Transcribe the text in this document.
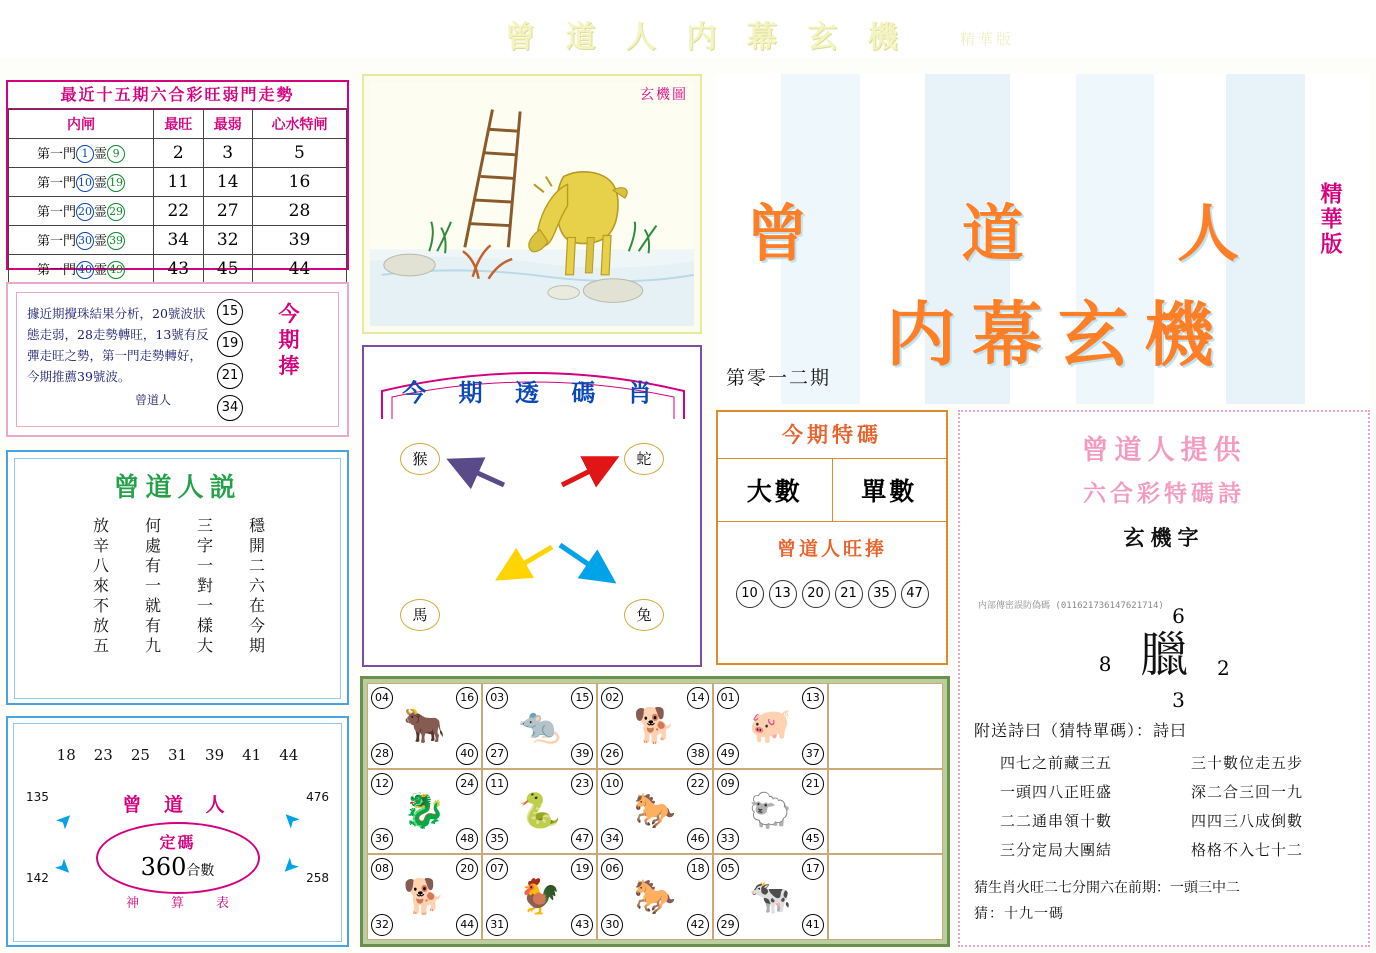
曾 道 人 内 幕 玄 機	精華版
最近十五期六合彩旺弱門走勢
内闸	最旺	最弱	心水特闸
第一門 1 霊 9	2	3	5
第一門 10 霊 19	11	14	16
第一門 20 霊 29	22	27	28
第一門 30 霊 39	34	32	39
第一門 40 霊 49	43	45	44
據近期攪珠結果分析，20號波狀態走弱，28走勢轉旺，13號有反彈走旺之勢，第一門走勢轉好，今期推薦39號波。
曾道人
15
19
21
34
今期捧
曾道人説
穩開二六在今期
三字一對一樣大
何處有一就有九
放辛八來不放五
18 23 25 31 39 41 44
135	476
142	258
曾 道 人
➤	➤
➤	➤
定碼
360合數
神 算 表
玄機圖
今 期 透 碼 肖
猴	蛇
馬	兔
今期特碼
大數	單數
曾道人旺捧
10	13	20	21	35	47
曾 道 人
内幕玄機
精華版
第零一二期
曾道人提供
六合彩特碼詩
玄機字
内部傳密誤防偽碼 (011621736147621714) 6
8 臘 2
3
附送詩曰（猜特單碼）：詩曰
四七之前藏三五	三十數位走五步
一頭四八正旺盛	深二合三回一九
二二通串領十數	四四三八成倒數
三分定局大團結	格格不入七十二
猜生肖火旺二七分開六在前期：一頭三中二
猜：十九一碼
04	16
28	40
🐂
03	15
27	39
🐀
02	14
26	38
🐕
01	13
49	37
🐖
12	24
36	48
🐉
11	23
35	47
🐍
10	22
34	46
🐎
09	21
33	45
🐑
08	20
32	44
🐕
07	19
31	43
🐓
06	18
30	42
🐎
05	17
29	41
🐄
